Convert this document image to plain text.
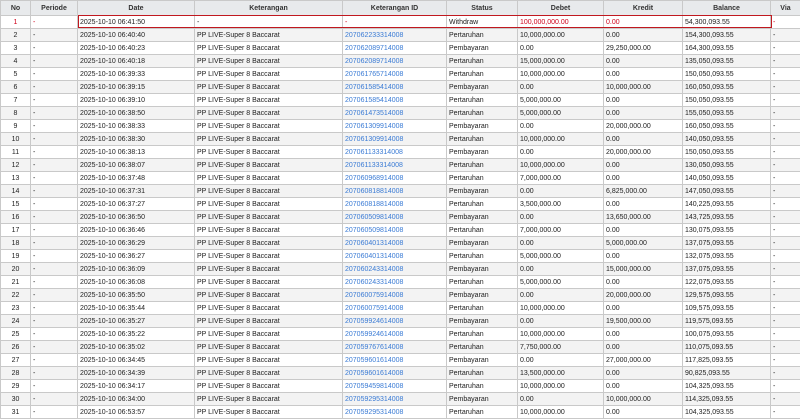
No	Periode	Date	Keterangan	Keterangan ID	Status	Debet	Kredit	Balance	Via
1	-	2025-10-10 06:41:50	-	-	Withdraw	100,000,000.00	0.00	54,300,093.55	-
2	-	2025-10-10 06:40:40	PP LIVE-Super 8 Baccarat	207062233314008	Pertaruhan	10,000,000.00	0.00	154,300,093.55	-
3	-	2025-10-10 06:40:23	PP LIVE-Super 8 Baccarat	207062089714008	Pembayaran	0.00	29,250,000.00	164,300,093.55	-
4	-	2025-10-10 06:40:18	PP LIVE-Super 8 Baccarat	207062089714008	Pertaruhan	15,000,000.00	0.00	135,050,093.55	-
5	-	2025-10-10 06:39:33	PP LIVE-Super 8 Baccarat	207061765714008	Pertaruhan	10,000,000.00	0.00	150,050,093.55	-
6	-	2025-10-10 06:39:15	PP LIVE-Super 8 Baccarat	207061585414008	Pembayaran	0.00	10,000,000.00	160,050,093.55	-
7	-	2025-10-10 06:39:10	PP LIVE-Super 8 Baccarat	207061585414008	Pertaruhan	5,000,000.00	0.00	150,050,093.55	-
8	-	2025-10-10 06:38:50	PP LIVE-Super 8 Baccarat	207061473514008	Pertaruhan	5,000,000.00	0.00	155,050,093.55	-
9	-	2025-10-10 06:38:33	PP LIVE-Super 8 Baccarat	207061309914008	Pembayaran	0.00	20,000,000.00	160,050,093.55	-
10	-	2025-10-10 06:38:30	PP LIVE-Super 8 Baccarat	207061309914008	Pertaruhan	10,000,000.00	0.00	140,050,093.55	-
11	-	2025-10-10 06:38:13	PP LIVE-Super 8 Baccarat	207061133314008	Pembayaran	0.00	20,000,000.00	150,050,093.55	-
12	-	2025-10-10 06:38:07	PP LIVE-Super 8 Baccarat	207061133314008	Pertaruhan	10,000,000.00	0.00	130,050,093.55	-
13	-	2025-10-10 06:37:48	PP LIVE-Super 8 Baccarat	207060968914008	Pertaruhan	7,000,000.00	0.00	140,050,093.55	-
14	-	2025-10-10 06:37:31	PP LIVE-Super 8 Baccarat	207060818814008	Pembayaran	0.00	6,825,000.00	147,050,093.55	-
15	-	2025-10-10 06:37:27	PP LIVE-Super 8 Baccarat	207060818814008	Pertaruhan	3,500,000.00	0.00	140,225,093.55	-
16	-	2025-10-10 06:36:50	PP LIVE-Super 8 Baccarat	207060509814008	Pembayaran	0.00	13,650,000.00	143,725,093.55	-
17	-	2025-10-10 06:36:46	PP LIVE-Super 8 Baccarat	207060509814008	Pertaruhan	7,000,000.00	0.00	130,075,093.55	-
18	-	2025-10-10 06:36:29	PP LIVE-Super 8 Baccarat	207060401314008	Pembayaran	0.00	5,000,000.00	137,075,093.55	-
19	-	2025-10-10 06:36:27	PP LIVE-Super 8 Baccarat	207060401314008	Pertaruhan	5,000,000.00	0.00	132,075,093.55	-
20	-	2025-10-10 06:36:09	PP LIVE-Super 8 Baccarat	207060243314008	Pembayaran	0.00	15,000,000.00	137,075,093.55	-
21	-	2025-10-10 06:36:08	PP LIVE-Super 8 Baccarat	207060243314008	Pertaruhan	5,000,000.00	0.00	122,075,093.55	-
22	-	2025-10-10 06:35:50	PP LIVE-Super 8 Baccarat	207060075914008	Pembayaran	0.00	20,000,000.00	129,575,093.55	-
23	-	2025-10-10 06:35:44	PP LIVE-Super 8 Baccarat	207060075914008	Pertaruhan	10,000,000.00	0.00	109,575,093.55	-
24	-	2025-10-10 06:35:27	PP LIVE-Super 8 Baccarat	207059924614008	Pembayaran	0.00	19,500,000.00	119,575,093.55	-
25	-	2025-10-10 06:35:22	PP LIVE-Super 8 Baccarat	207059924614008	Pertaruhan	10,000,000.00	0.00	100,075,093.55	-
26	-	2025-10-10 06:35:02	PP LIVE-Super 8 Baccarat	207059767614008	Pertaruhan	7,750,000.00	0.00	110,075,093.55	-
27	-	2025-10-10 06:34:45	PP LIVE-Super 8 Baccarat	207059601614008	Pembayaran	0.00	27,000,000.00	117,825,093.55	-
28	-	2025-10-10 06:34:39	PP LIVE-Super 8 Baccarat	207059601614008	Pertaruhan	13,500,000.00	0.00	90,825,093.55	-
29	-	2025-10-10 06:34:17	PP LIVE-Super 8 Baccarat	207059459814008	Pertaruhan	10,000,000.00	0.00	104,325,093.55	-
30	-	2025-10-10 06:34:00	PP LIVE-Super 8 Baccarat	207059295314008	Pembayaran	0.00	10,000,000.00	114,325,093.55	-
31	-	2025-10-10 06:53:57	PP LIVE-Super 8 Baccarat	207059295314008	Pertaruhan	10,000,000.00	0.00	104,325,093.55	-
